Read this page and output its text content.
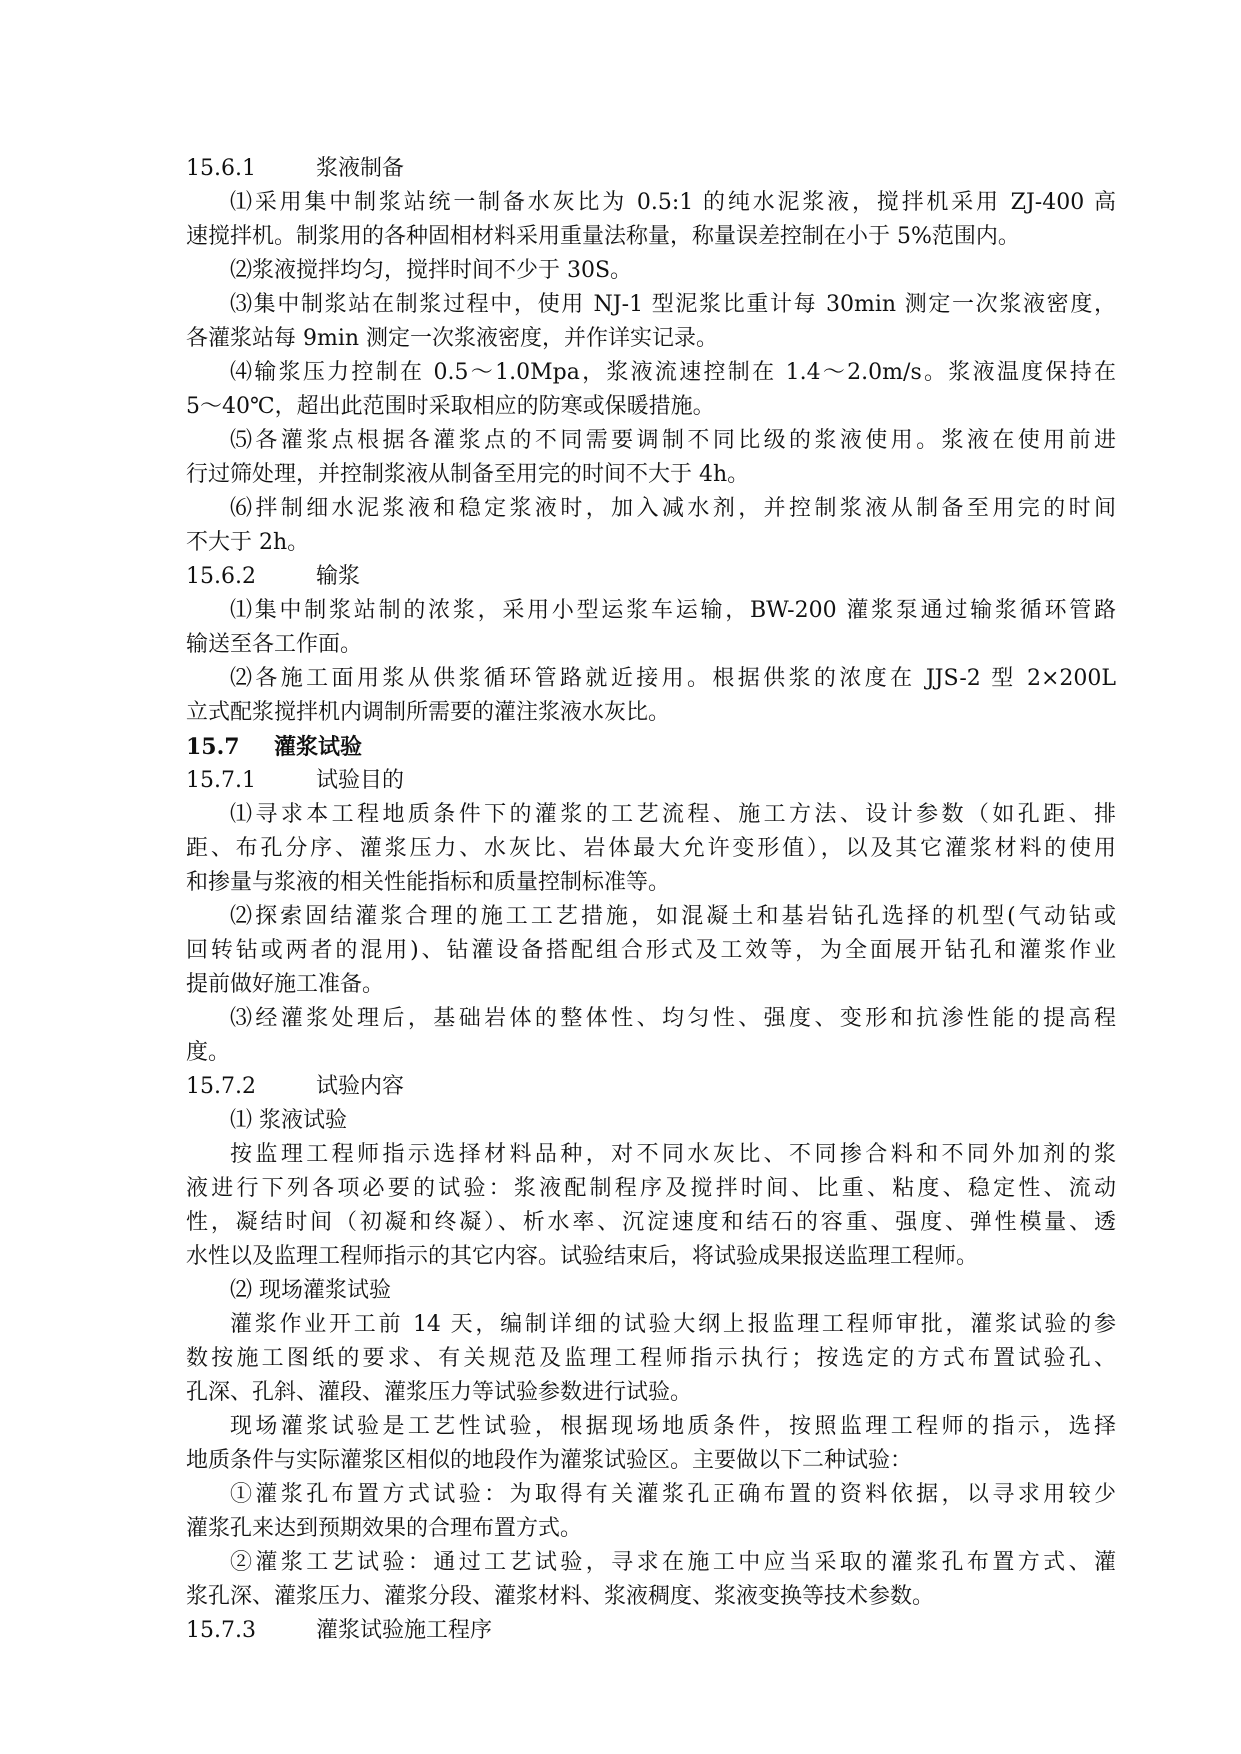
15.6.1	浆液制备
⑴采用集中制浆站统一制备水灰比为 0.5:1 的纯水泥浆液，搅拌机采用 ZJ-400 高
速搅拌机。制浆用的各种固相材料采用重量法称量，称量误差控制在小于 5%范围内。
⑵浆液搅拌均匀，搅拌时间不少于 30S。
⑶集中制浆站在制浆过程中，使用 NJ-1 型泥浆比重计每 30min 测定一次浆液密度，
各灌浆站每 9min 测定一次浆液密度，并作详实记录。
⑷输浆压力控制在 0.5～1.0Mpa，浆液流速控制在 1.4～2.0m/s。浆液温度保持在
5～40℃，超出此范围时采取相应的防寒或保暖措施。
⑸各灌浆点根据各灌浆点的不同需要调制不同比级的浆液使用。浆液在使用前进
行过筛处理，并控制浆液从制备至用完的时间不大于 4h。
⑹拌制细水泥浆液和稳定浆液时，加入减水剂，并控制浆液从制备至用完的时间
不大于 2h。
15.6.2	输浆
⑴集中制浆站制的浓浆，采用小型运浆车运输，BW-200 灌浆泵通过输浆循环管路
输送至各工作面。
⑵各施工面用浆从供浆循环管路就近接用。根据供浆的浓度在 JJS-2 型 2×200L
立式配浆搅拌机内调制所需要的灌注浆液水灰比。
15.7 灌浆试验
15.7.1	试验目的
⑴寻求本工程地质条件下的灌浆的工艺流程、施工方法、设计参数（如孔距、排
距、布孔分序、灌浆压力、水灰比、岩体最大允许变形值），以及其它灌浆材料的使用
和掺量与浆液的相关性能指标和质量控制标准等。
⑵探索固结灌浆合理的施工工艺措施，如混凝土和基岩钻孔选择的机型(气动钻或
回转钻或两者的混用)、钻灌设备搭配组合形式及工效等，为全面展开钻孔和灌浆作业
提前做好施工准备。
⑶经灌浆处理后，基础岩体的整体性、均匀性、强度、变形和抗渗性能的提高程
度。
15.7.2	试验内容
⑴ 浆液试验
按监理工程师指示选择材料品种，对不同水灰比、不同掺合料和不同外加剂的浆
液进行下列各项必要的试验：浆液配制程序及搅拌时间、比重、粘度、稳定性、流动
性，凝结时间（初凝和终凝）、析水率、沉淀速度和结石的容重、强度、弹性模量、透
水性以及监理工程师指示的其它内容。试验结束后，将试验成果报送监理工程师。
⑵ 现场灌浆试验
灌浆作业开工前 14 天，编制详细的试验大纲上报监理工程师审批，灌浆试验的参
数按施工图纸的要求、有关规范及监理工程师指示执行；按选定的方式布置试验孔、
孔深、孔斜、灌段、灌浆压力等试验参数进行试验。
现场灌浆试验是工艺性试验，根据现场地质条件，按照监理工程师的指示，选择
地质条件与实际灌浆区相似的地段作为灌浆试验区。主要做以下二种试验：
①灌浆孔布置方式试验：为取得有关灌浆孔正确布置的资料依据，以寻求用较少
灌浆孔来达到预期效果的合理布置方式。
②灌浆工艺试验：通过工艺试验，寻求在施工中应当采取的灌浆孔布置方式、灌
浆孔深、灌浆压力、灌浆分段、灌浆材料、浆液稠度、浆液变换等技术参数。
15.7.3	灌浆试验施工程序
